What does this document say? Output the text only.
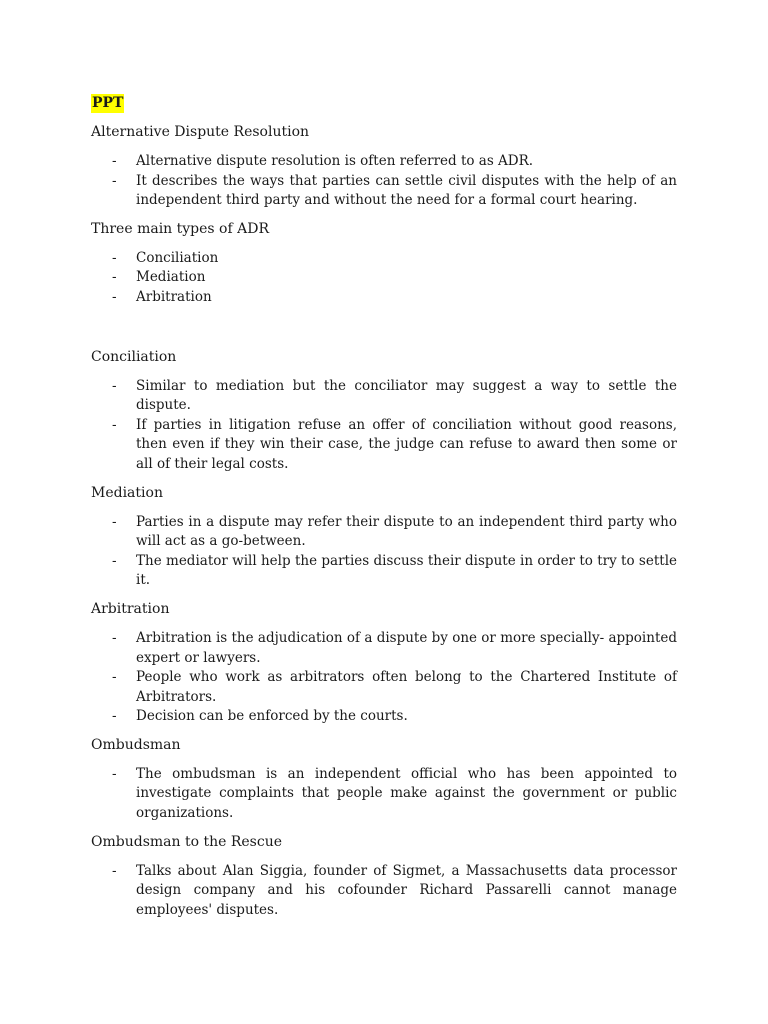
PPT
Alternative Dispute Resolution
- Alternative dispute resolution is often referred to as ADR.
- It describes the ways that parties can settle civil disputes with the help of an independent third party and without the need for a formal court hearing.
Three main types of ADR
- Conciliation
- Mediation
- Arbitration
Conciliation
- Similar to mediation but the conciliator may suggest a way to settle the dispute.
- If parties in litigation refuse an offer of conciliation without good reasons, then even if they win their case, the judge can refuse to award then some or all of their legal costs.
Mediation
- Parties in a dispute may refer their dispute to an independent third party who will act as a go-between.
- The mediator will help the parties discuss their dispute in order to try to settle it.
Arbitration
- Arbitration is the adjudication of a dispute by one or more specially- appointed expert or lawyers.
- People who work as arbitrators often belong to the Chartered Institute of Arbitrators.
- Decision can be enforced by the courts.
Ombudsman
- The ombudsman is an independent official who has been appointed to investigate complaints that people make against the government or public organizations.
Ombudsman to the Rescue
- Talks about Alan Siggia, founder of Sigmet, a Massachusetts data processor design company and his cofounder Richard Passarelli cannot manage employees' disputes.
